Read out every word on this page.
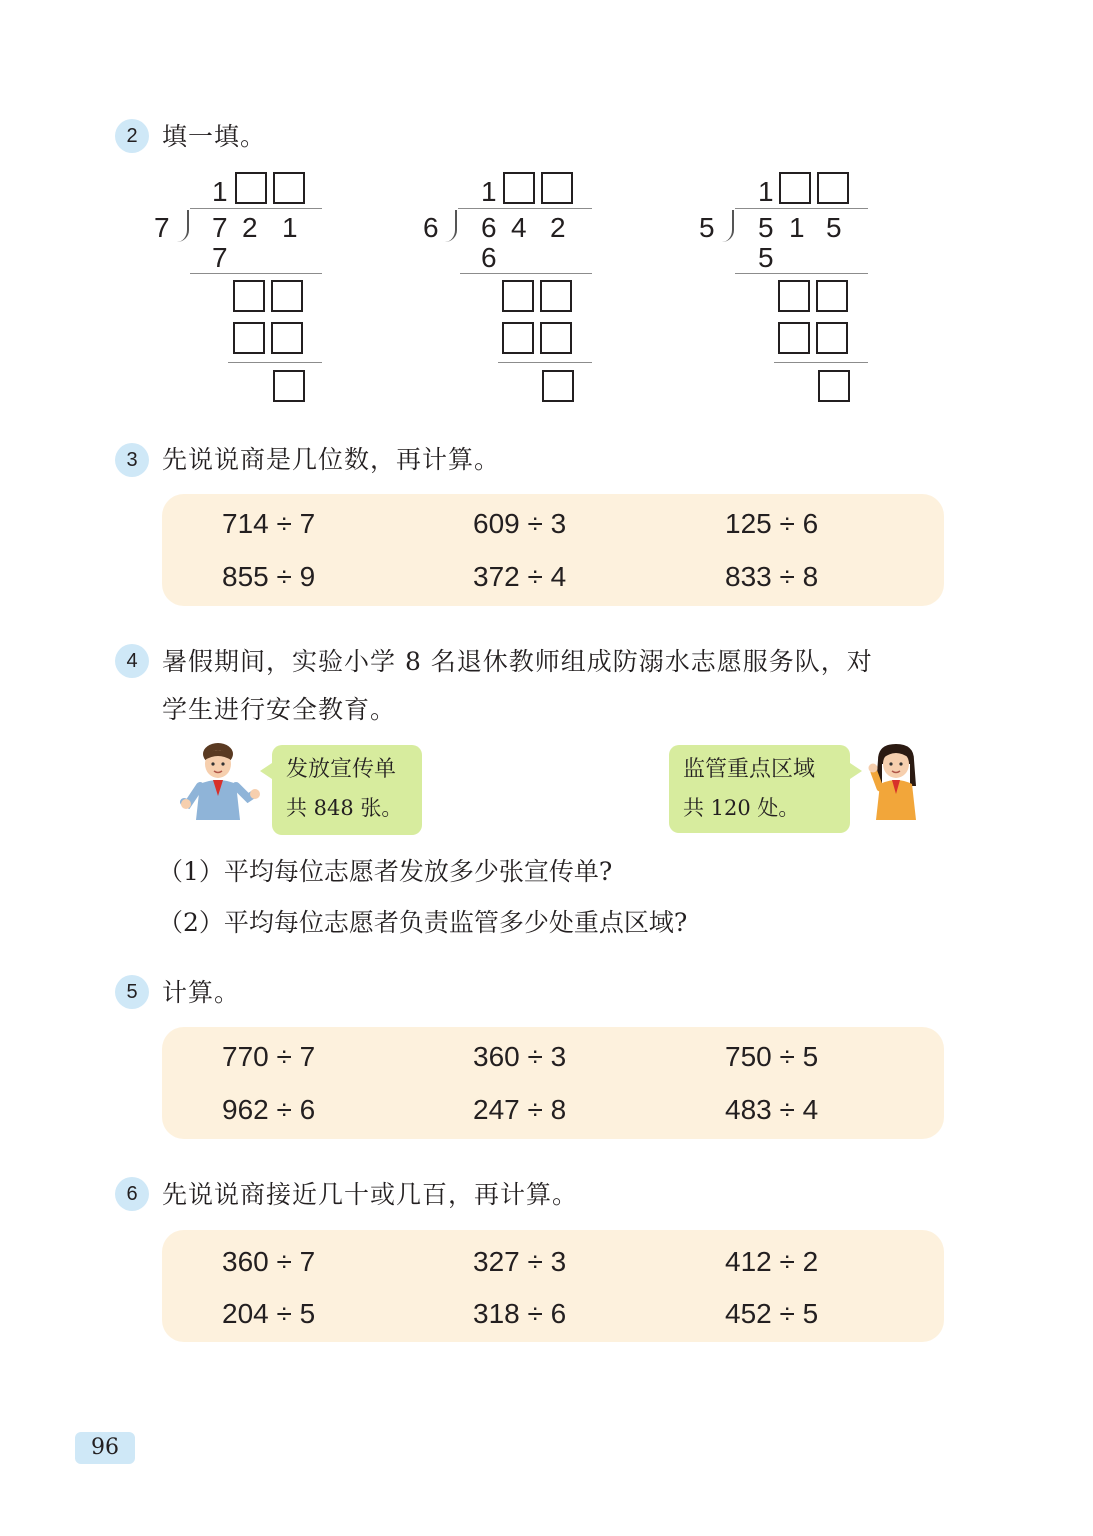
2 填一填。
1
7 7 2 1
7
1
6 6 4 2
6
1
5 5 1 5
5
3 先说说商是几位数，再计算。
714 ÷ 7	609 ÷ 3	125 ÷ 6
855 ÷ 9	372 ÷ 4	833 ÷ 8
4 暑假期间，实验小学 8 名退休教师组成防溺水志愿服务队，对
学生进行安全教育。
发放宣传单
共 848 张。
监管重点区域
共 120 处。
（1）平均每位志愿者发放多少张宣传单?
（2）平均每位志愿者负责监管多少处重点区域?
5 计算。
770 ÷ 7	360 ÷ 3	750 ÷ 5
962 ÷ 6	247 ÷ 8	483 ÷ 4
6 先说说商接近几十或几百，再计算。
360 ÷ 7	327 ÷ 3	412 ÷ 2
204 ÷ 5	318 ÷ 6	452 ÷ 5
96
